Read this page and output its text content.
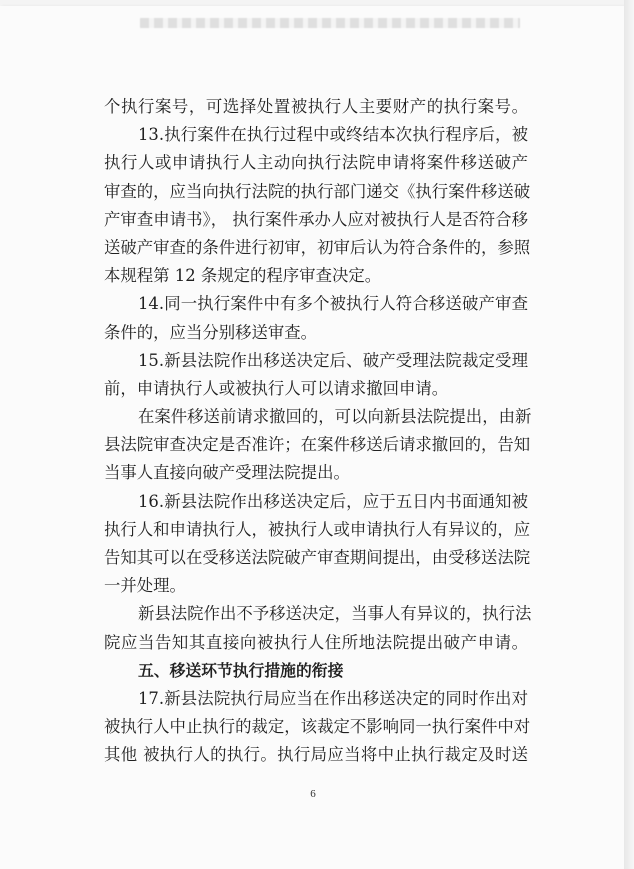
个执行案号，可选择处置被执行人主要财产的执行案号。
13.执行案件在执行过程中或终结本次执行程序后，被
执行人或申请执行人主动向执行法院申请将案件移送破产
审查的，应当向执行法院的执行部门递交《执行案件移送破
产审查申请书》， 执行案件承办人应对被执行人是否符合移
送破产审查的条件进行初审，初审后认为符合条件的，参照
本规程第 12 条规定的程序审查决定。
14.同一执行案件中有多个被执行人符合移送破产审查
条件的，应当分别移送审查。
15.新县法院作出移送决定后、破产受理法院裁定受理
前，申请执行人或被执行人可以请求撤回申请。
在案件移送前请求撤回的，可以向新县法院提出，由新
县法院审查决定是否准许；在案件移送后请求撤回的，告知
当事人直接向破产受理法院提出。
16.新县法院作出移送决定后，应于五日内书面通知被
执行人和申请执行人，被执行人或申请执行人有异议的，应
告知其可以在受移送法院破产审查期间提出，由受移送法院
一并处理。
新县法院作出不予移送决定，当事人有异议的，执行法
院应当告知其直接向被执行人住所地法院提出破产申请。
五、移送环节执行措施的衔接
17.新县法院执行局应当在作出移送决定的同时作出对
被执行人中止执行的裁定，该裁定不影响同一执行案件中对
其他 被执行人的执行。执行局应当将中止执行裁定及时送
6
